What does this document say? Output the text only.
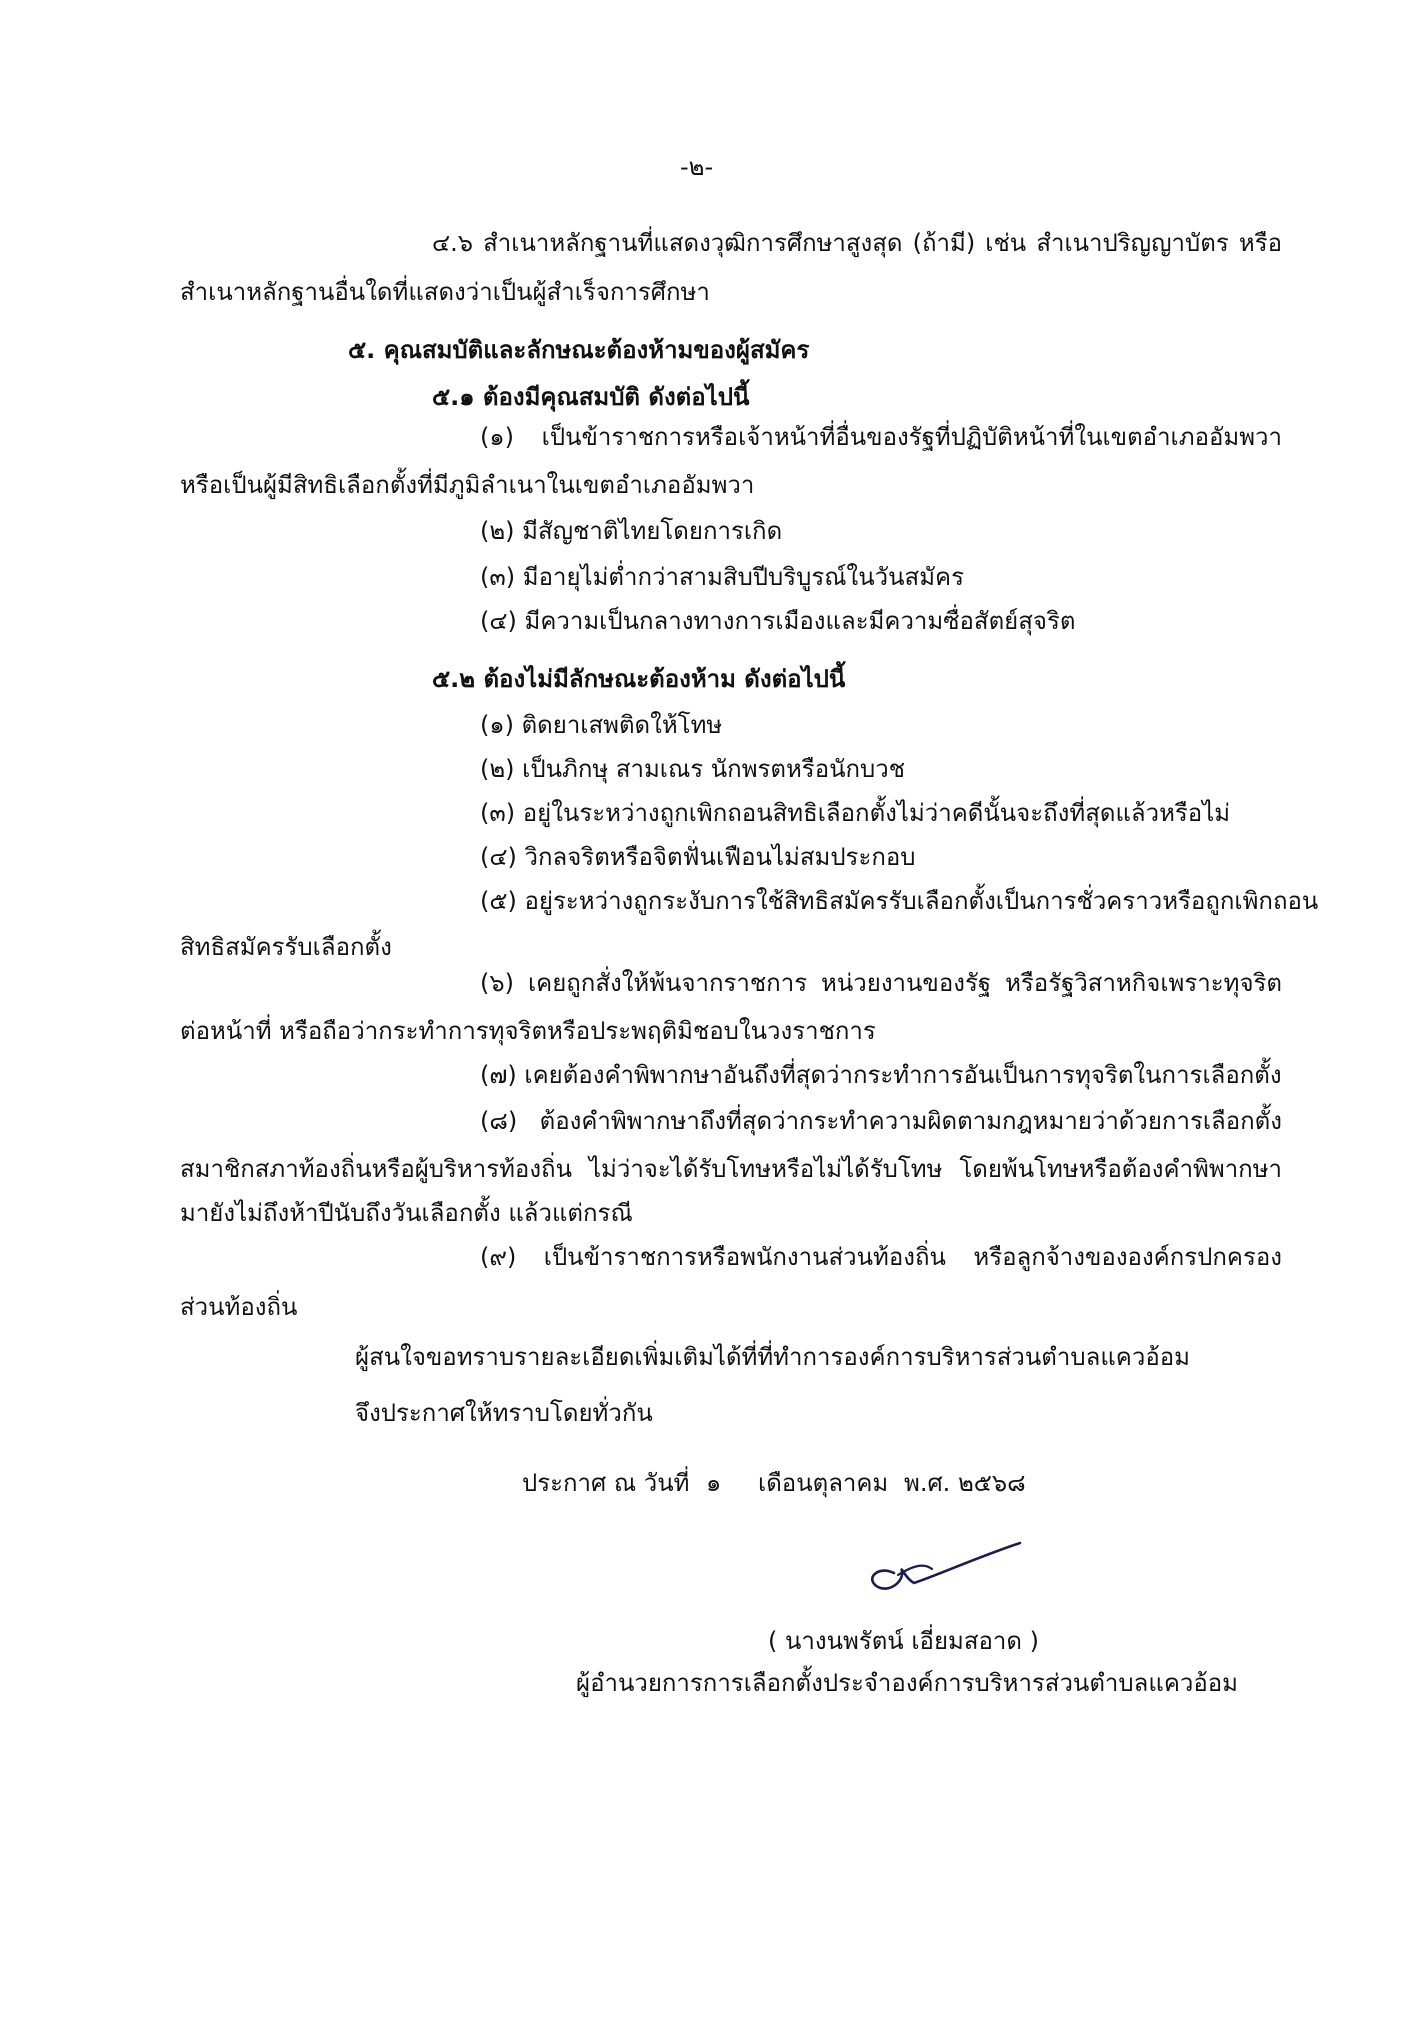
-๒-
๔.๖ สำเนาหลักฐานที่แสดงวุฒิการศึกษาสูงสุด (ถ้ามี) เช่น สำเนาปริญญาบัตร หรือ
สำเนาหลักฐานอื่นใดที่แสดงว่าเป็นผู้สำเร็จการศึกษา
๕. คุณสมบัติและลักษณะต้องห้ามของผู้สมัคร
๕.๑ ต้องมีคุณสมบัติ ดังต่อไปนี้
(๑) เป็นข้าราชการหรือเจ้าหน้าที่อื่นของรัฐที่ปฏิบัติหน้าที่ในเขตอำเภออัมพวา
หรือเป็นผู้มีสิทธิเลือกตั้งที่มีภูมิลำเนาในเขตอำเภออัมพวา
(๒) มีสัญชาติไทยโดยการเกิด
(๓) มีอายุไม่ต่ำกว่าสามสิบปีบริบูรณ์ในวันสมัคร
(๔) มีความเป็นกลางทางการเมืองและมีความซื่อสัตย์สุจริต
๕.๒ ต้องไม่มีลักษณะต้องห้าม ดังต่อไปนี้
(๑) ติดยาเสพติดให้โทษ
(๒) เป็นภิกษุ สามเณร นักพรตหรือนักบวช
(๓) อยู่ในระหว่างถูกเพิกถอนสิทธิเลือกตั้งไม่ว่าคดีนั้นจะถึงที่สุดแล้วหรือไม่
(๔) วิกลจริตหรือจิตฟั่นเฟือนไม่สมประกอบ
(๕) อยู่ระหว่างถูกระงับการใช้สิทธิสมัครรับเลือกตั้งเป็นการชั่วคราวหรือถูกเพิกถอน
สิทธิสมัครรับเลือกตั้ง
(๖) เคยถูกสั่งให้พ้นจากราชการ หน่วยงานของรัฐ หรือรัฐวิสาหกิจเพราะทุจริต
ต่อหน้าที่ หรือถือว่ากระทำการทุจริตหรือประพฤติมิชอบในวงราชการ
(๗) เคยต้องคำพิพากษาอันถึงที่สุดว่ากระทำการอันเป็นการทุจริตในการเลือกตั้ง
(๘) ต้องคำพิพากษาถึงที่สุดว่ากระทำความผิดตามกฎหมายว่าด้วยการเลือกตั้ง
สมาชิกสภาท้องถิ่นหรือผู้บริหารท้องถิ่น ไม่ว่าจะได้รับโทษหรือไม่ได้รับโทษ โดยพ้นโทษหรือต้องคำพิพากษา
มายังไม่ถึงห้าปีนับถึงวันเลือกตั้ง แล้วแต่กรณี
(๙) เป็นข้าราชการหรือพนักงานส่วนท้องถิ่น หรือลูกจ้างขององค์กรปกครอง
ส่วนท้องถิ่น
ผู้สนใจขอทราบรายละเอียดเพิ่มเติมได้ที่ที่ทำการองค์การบริหารส่วนตำบลแควอ้อม
จึงประกาศให้ทราบโดยทั่วกัน
ประกาศ ณ วันที่ ๑ เดือนตุลาคม พ.ศ. ๒๕๖๘
( นางนพรัตน์ เอี่ยมสอาด )
ผู้อำนวยการการเลือกตั้งประจำองค์การบริหารส่วนตำบลแควอ้อม
